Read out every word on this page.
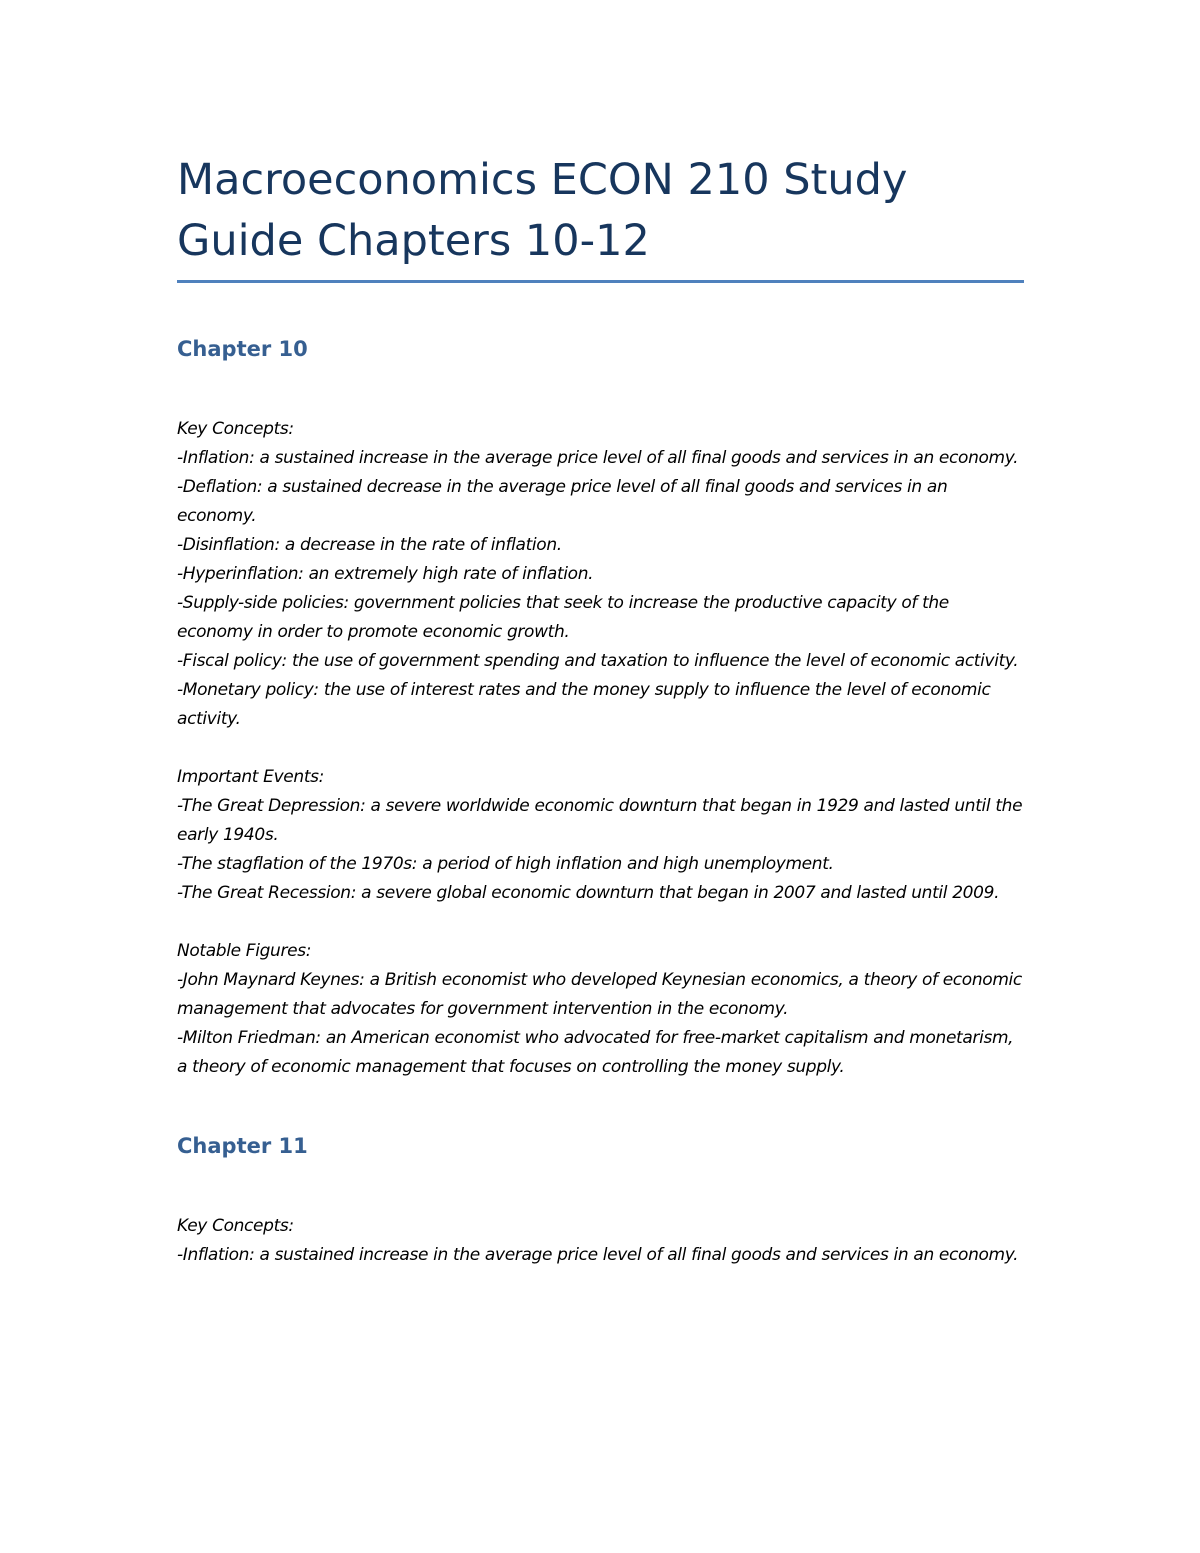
Macroeconomics ECON 210 Study Guide Chapters 10-12
Chapter 10

Key Concepts:

-Inflation: a sustained increase in the average price level of all final goods and services in an economy.

-Deflation: a sustained decrease in the average price level of all final goods and services in an economy.

-Disinflation: a decrease in the rate of inflation.

-Hyperinflation: an extremely high rate of inflation.

-Supply-side policies: government policies that seek to increase the productive capacity of the economy in order to promote economic growth.

-Fiscal policy: the use of government spending and taxation to influence the level of economic activity.

-Monetary policy: the use of interest rates and the money supply to influence the level of economic activity.

Important Events:

-The Great Depression: a severe worldwide economic downturn that began in 1929 and lasted until the early 1940s.

-The stagflation of the 1970s: a period of high inflation and high unemployment.

-The Great Recession: a severe global economic downturn that began in 2007 and lasted until 2009.

Notable Figures:

-John Maynard Keynes: a British economist who developed Keynesian economics, a theory of economic management that advocates for government intervention in the economy.

-Milton Friedman: an American economist who advocated for free-market capitalism and monetarism, a theory of economic management that focuses on controlling the money supply.

Chapter 11

Key Concepts:

-Inflation: a sustained increase in the average price level of all final goods and services in an economy.
